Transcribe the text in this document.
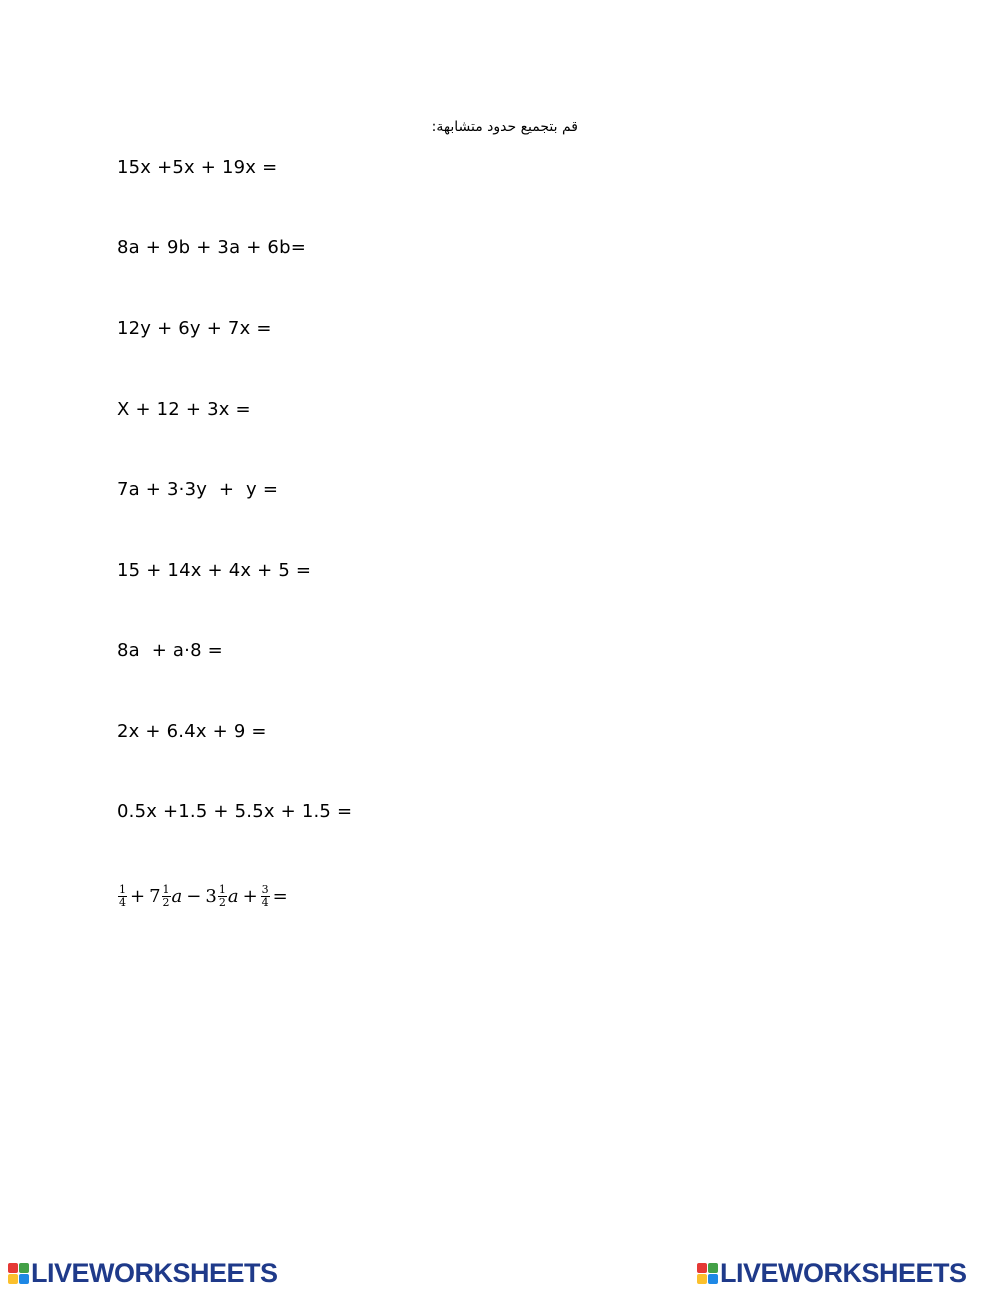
قم بتجميع حدود متشابهة:
15x +5x + 19x =
8a + 9b + 3a + 6b=
12y + 6y + 7x =
X + 12 + 3x =
7a + 3·3y  +  y =
15 + 14x + 4x + 5 =
8a  + a·8 =
2x + 6.4x + 9 =
0.5x +1.5 + 5.5x + 1.5 =
$\frac{1}{4} + 7 \frac{1}{2}$ $a - 3 \frac{1}{2}$ $a + \frac{3}{4}$ =
LIVEWORKSHEETS	LIVEWORKSHEETS
